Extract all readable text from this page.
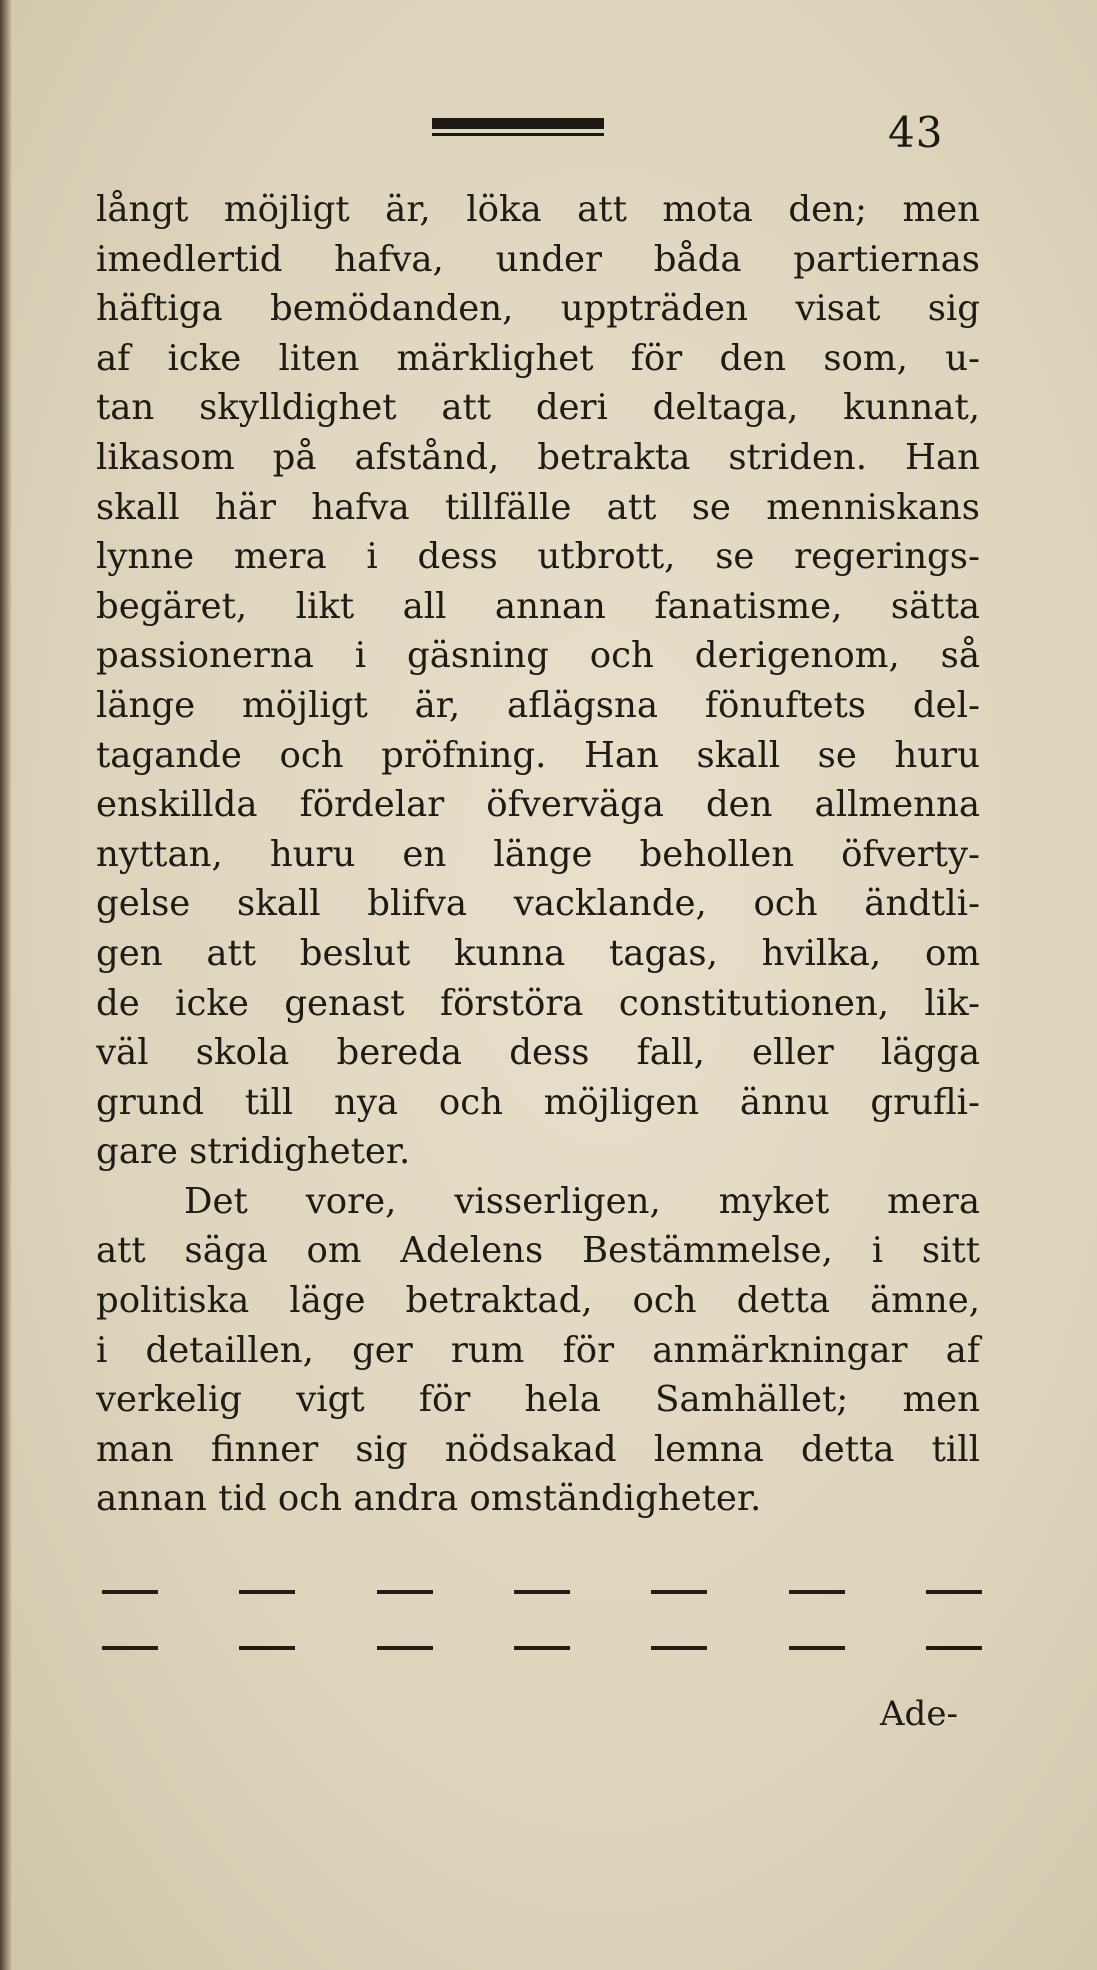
43
långt möjligt är, löka att mota den; men
imedlertid hafva, under båda partiernas
häftiga bemödanden, uppträden visat sig
af icke liten märklighet för den som, u-
tan skylldighet att deri deltaga, kunnat,
likasom på afstånd, betrakta striden. Han
skall här hafva tillfälle att se menniskans
lynne mera i dess utbrott, se regerings-
begäret, likt all annan fanatisme, sätta
passionerna i gäsning och derigenom, så
länge möjligt är, aflägsna fönuftets del-
tagande och pröfning. Han skall se huru
enskillda fördelar öfverväga den allmenna
nyttan, huru en länge behollen öfverty-
gelse skall blifva vacklande, och ändtli-
gen att beslut kunna tagas, hvilka, om
de icke genast förstöra constitutionen, lik-
väl skola bereda dess fall, eller lägga
grund till nya och möjligen ännu grufli-
gare stridigheter.
Det vore, visserligen, myket mera
att säga om Adelens Bestämmelse, i sitt
politiska läge betraktad, och detta ämne,
i detaillen, ger rum för anmärkningar af
verkelig vigt för hela Samhället; men
man finner sig nödsakad lemna detta till
annan tid och andra omständigheter.
Ade-
